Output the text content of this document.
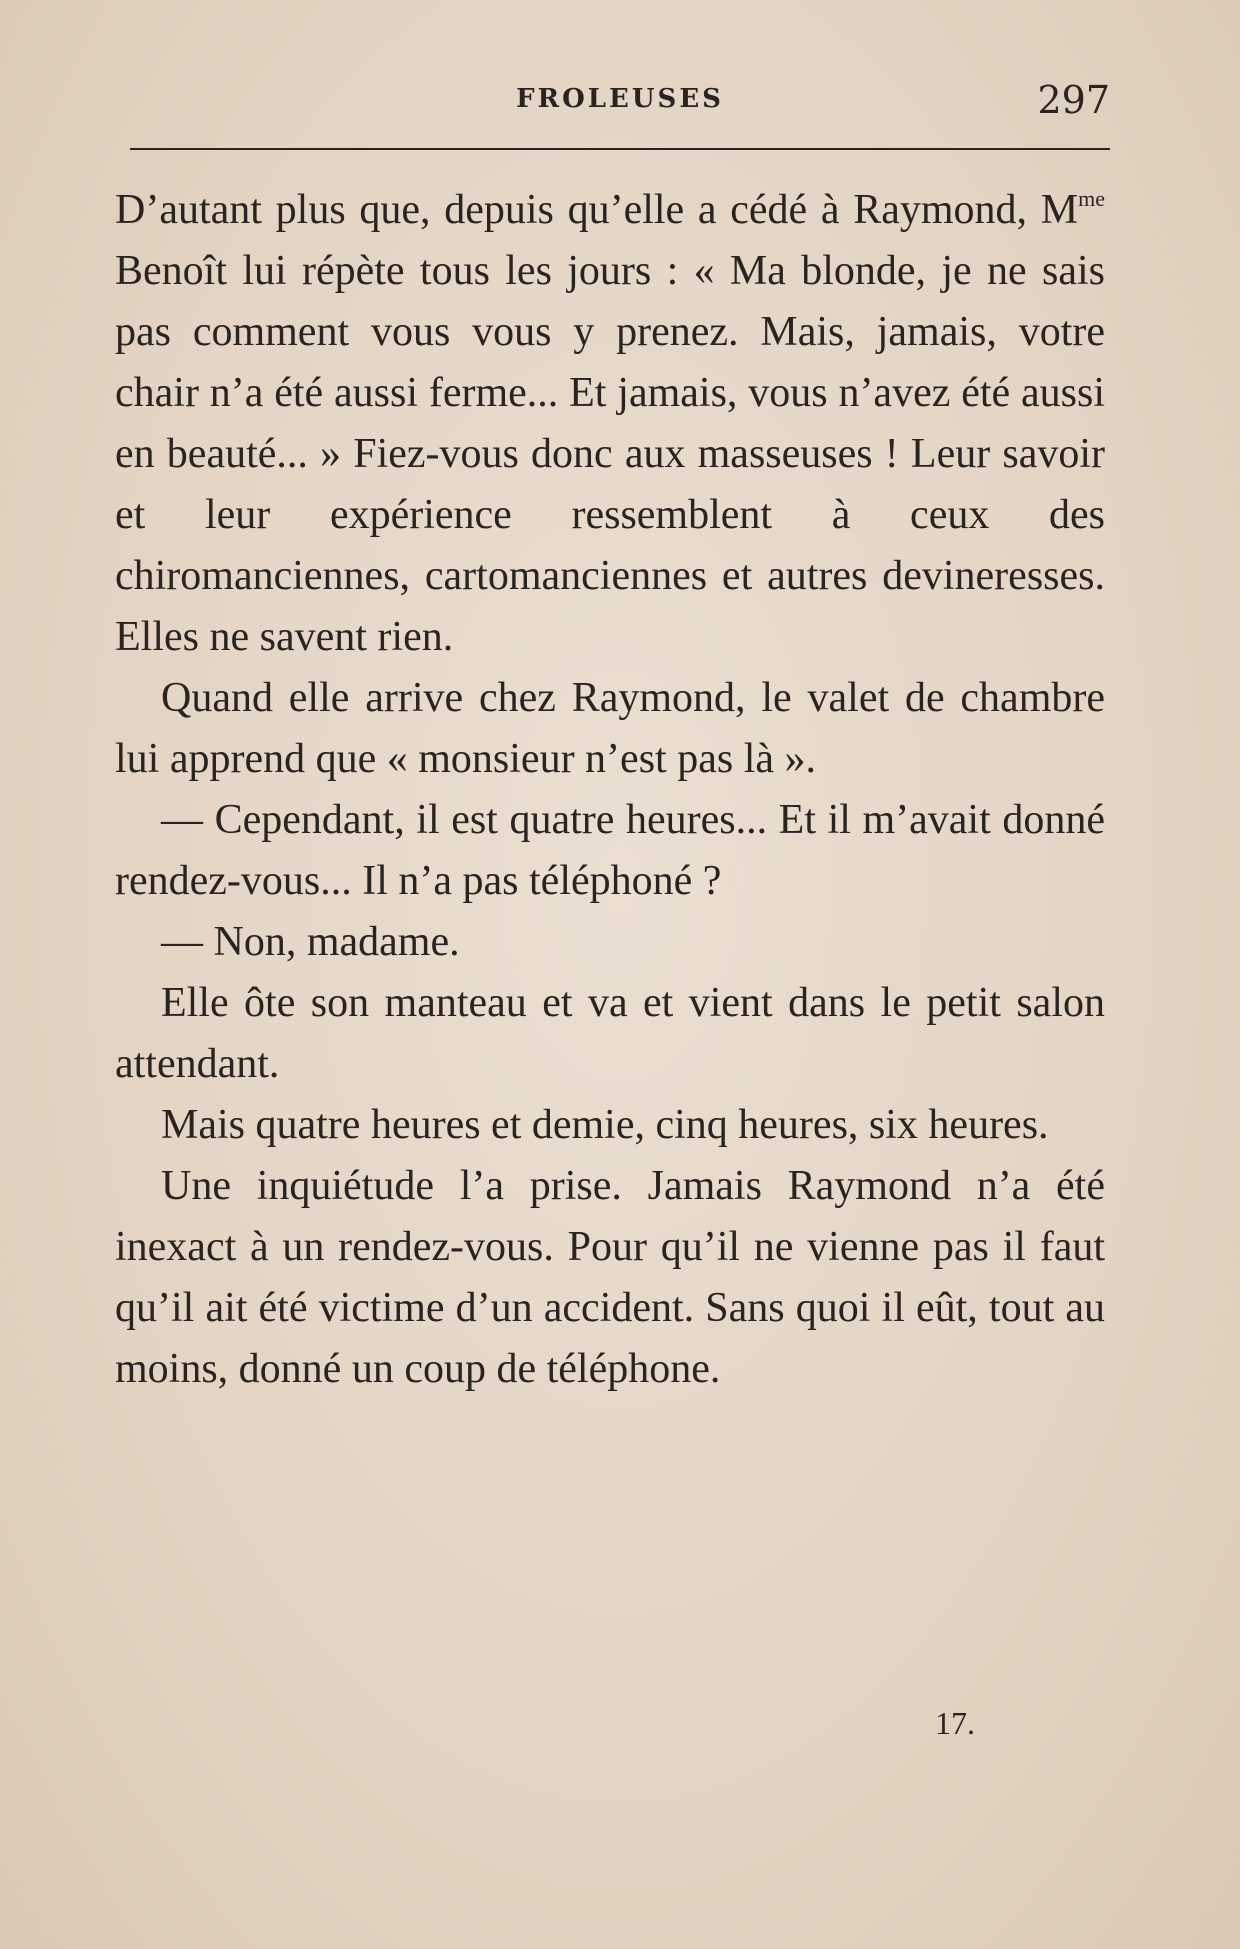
FROLEUSES	297

D’autant plus que, depuis qu’elle a cédé à Raymond, $M^{me}$ Benoît lui répète tous les jours : « Ma blonde, je ne sais pas comment vous vous y prenez. Mais, jamais, votre chair n’a été aussi ferme... Et jamais, vous n’avez été aussi en beauté... » Fiez-vous donc aux masseuses ! Leur savoir et leur expérience ressemblent à ceux des chiromanciennes, cartomanciennes et autres devineresses. Elles ne savent rien.

Quand elle arrive chez Raymond, le valet de chambre lui apprend que « monsieur n’est pas là ».

— Cependant, il est quatre heures... Et il m’avait donné rendez-vous... Il n’a pas téléphoné ?

— Non, madame.

Elle ôte son manteau et va et vient dans le petit salon attendant.

Mais quatre heures et demie, cinq heures, six heures.

Une inquiétude l’a prise. Jamais Raymond n’a été inexact à un rendez-vous. Pour qu’il ne vienne pas il faut qu’il ait été victime d’un accident. Sans quoi il eût, tout au moins, donné un coup de téléphone.

17.
